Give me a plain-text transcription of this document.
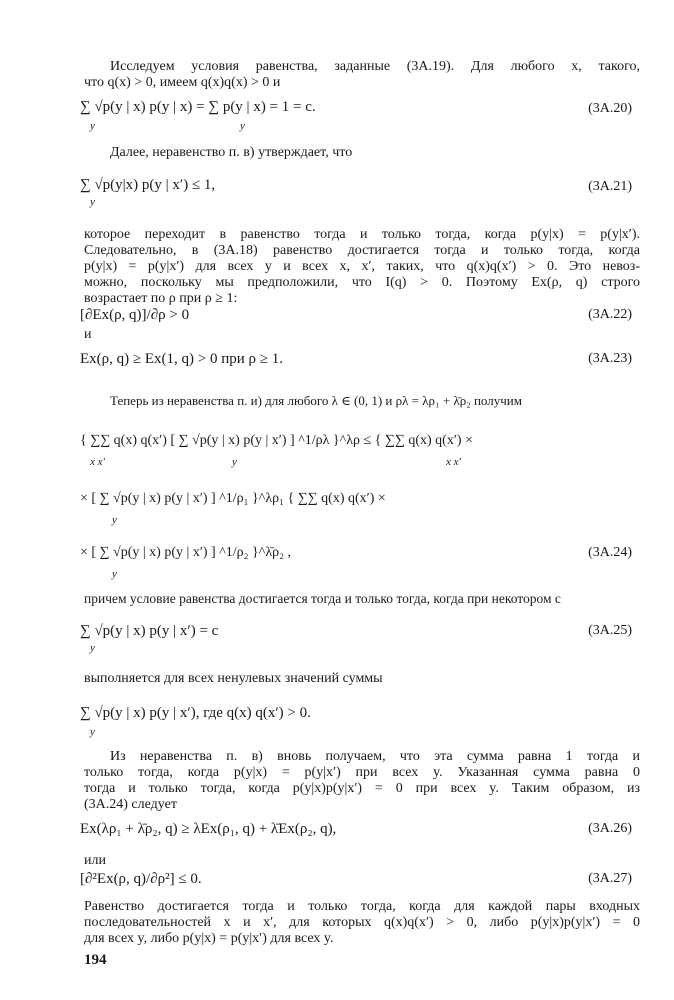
Исследуем условия равенства, заданные (3А.19). Для любого x, такого,
что q(x) > 0, имеем q(x)q(x) > 0 и
∑ √p(y | x) p(y | x) = ∑ p(y | x) = 1 = c.
y	y
(3А.20)
Далее, неравенство п. в) утверждает, что
∑ √p(y|x) p(y | x′) ≤ 1,
y
(3А.21)
которое переходит в равенство тогда и только тогда, когда p(y|x) = p(y|x′).
Следовательно, в (3А.18) равенство достигается тогда и только тогда, когда
p(y|x) = p(y|x′) для всех y и всех x, x′, таких, что q(x)q(x′) > 0. Это невоз-
можно, поскольку мы предположили, что I(q) > 0. Поэтому Ex(ρ, q) строго
возрастает по ρ при ρ ≥ 1:
[∂Ex(ρ, q)]/∂ρ > 0	(3А.22)
и
Ex(ρ, q) ≥ Ex(1, q) > 0 при ρ ≥ 1.	(3А.23)
Теперь из неравенства п. и) для любого λ ∈ (0, 1) и ρλ = λρ₁ + λ̄ρ₂ получим
{ ∑∑ q(x) q(x′) [ ∑ √p(y | x) p(y | x′) ] ^1/ρλ }^λρ ≤ { ∑∑ q(x) q(x′) ×
x x′	y	x x′
× [ ∑ √p(y | x) p(y | x′) ] ^1/ρ₁ }^λρ₁ { ∑∑ q(x) q(x′) ×
y
× [ ∑ √p(y | x) p(y | x′) ] ^1/ρ₂ }^λ̄ρ₂ ,
y
(3А.24)
причем условие равенства достигается тогда и только тогда, когда при некотором c
∑ √p(y | x) p(y | x′) = c
y
(3А.25)
выполняется для всех ненулевых значений суммы
∑ √p(y | x) p(y | x′), где q(x) q(x′) > 0.
y
Из неравенства п. в) вновь получаем, что эта сумма равна 1 тогда и
только тогда, когда p(y|x) = p(y|x′) при всех y. Указанная сумма равна 0
тогда и только тогда, когда p(y|x)p(y|x′) = 0 при всех y. Таким образом, из
(3А.24) следует
Ex(λρ₁ + λ̄ρ₂, q) ≥ λEx(ρ₁, q) + λ̄Ex(ρ₂, q),	(3А.26)
или
[∂²Ex(ρ, q)/∂ρ²] ≤ 0.	(3А.27)
Равенство достигается тогда и только тогда, когда для каждой пары входных
последовательностей x и x′, для которых q(x)q(x′) > 0, либо p(y|x)p(y|x′) = 0
для всех y, либо p(y|x) = p(y|x′) для всех y.
194
